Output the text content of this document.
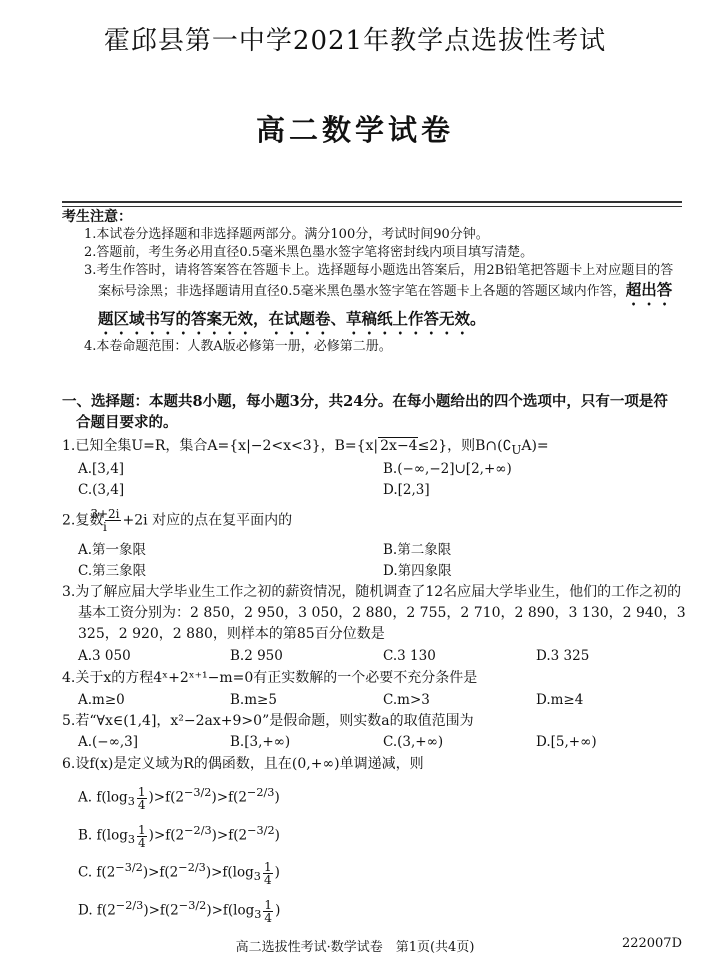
霍邱县第一中学2021年教学点选拔性考试
高二数学试卷
考生注意：
1.本试卷分选择题和非选择题两部分。满分100分，考试时间90分钟。
2.答题前，考生务必用直径0.5毫米黑色墨水签字笔将密封线内项目填写清楚。
3.考生作答时，请将答案答在答题卡上。选择题每小题选出答案后，用2B铅笔把答题卡上对应题目的答案标号涂黑；非选择题请用直径0.5毫米黑色墨水签字笔在答题卡上各题的答题区域内作答，超出答题区域书写的答案无效，在试题卷、草稿纸上作答无效。
4.本卷命题范围：人教A版必修第一册，必修第二册。
一、选择题：本题共8小题，每小题3分，共24分。在每小题给出的四个选项中，只有一项是符
合题目要求的。
1.已知全集U=R，集合A={x|−2<x<3}，B={x| 2x−4≤2}，则$B\cap(∁_UA)=$
A.[3,4]	B.(−∞,−2]∪[2,+∞)
C.(3,4]	D.[2,3]
2.复数 $\frac{3+2i}{i} +2i$ 对应的点在复平面内的
A.第一象限	B.第二象限
C.第三象限	D.第四象限
3.为了解应届大学毕业生工作之初的薪资情况，随机调查了12名应届大学毕业生，他们的工作之初的基本工资分别为：2 850，2 950，3 050，2 880，2 755，2 710，2 890，3 130，2 940，3 325，2 920，2 880，则样本的第85百分位数是
A.3 050	B.2 950	C.3 130	D.3 325
4.关于x的方程4ˣ+2ˣ⁺¹−m=0有正实数解的一个必要不充分条件是
A.m≥0	B.m≥5	C.m>3	D.m≥4
5.若“∀x∈(1,4]，x²−2ax+9>0”是假命题，则实数a的取值范围为
A.(−∞,3]	B.[3,+∞)	C.(3,+∞)	D.[5,+∞)
6.设f(x)是定义域为R的偶函数，且在(0,+∞)单调递减，则
A. $f(\log_3 \frac{1}{4} )>f(2^{-3/2})>f(2^{-2/3})$
B. $f(\log_3 \frac{1}{4} )>f(2^{-2/3})>f(2^{-3/2})$
C. $f(2^{-3/2})>f(2^{-2/3})>f(\log_3 \frac{1}{4}$ )
D. $f(2^{-2/3})>f(2^{-3/2})>f(\log_3 \frac{1}{4}$ )
高二选拔性考试·数学试卷　第1页(共4页)	222007D
